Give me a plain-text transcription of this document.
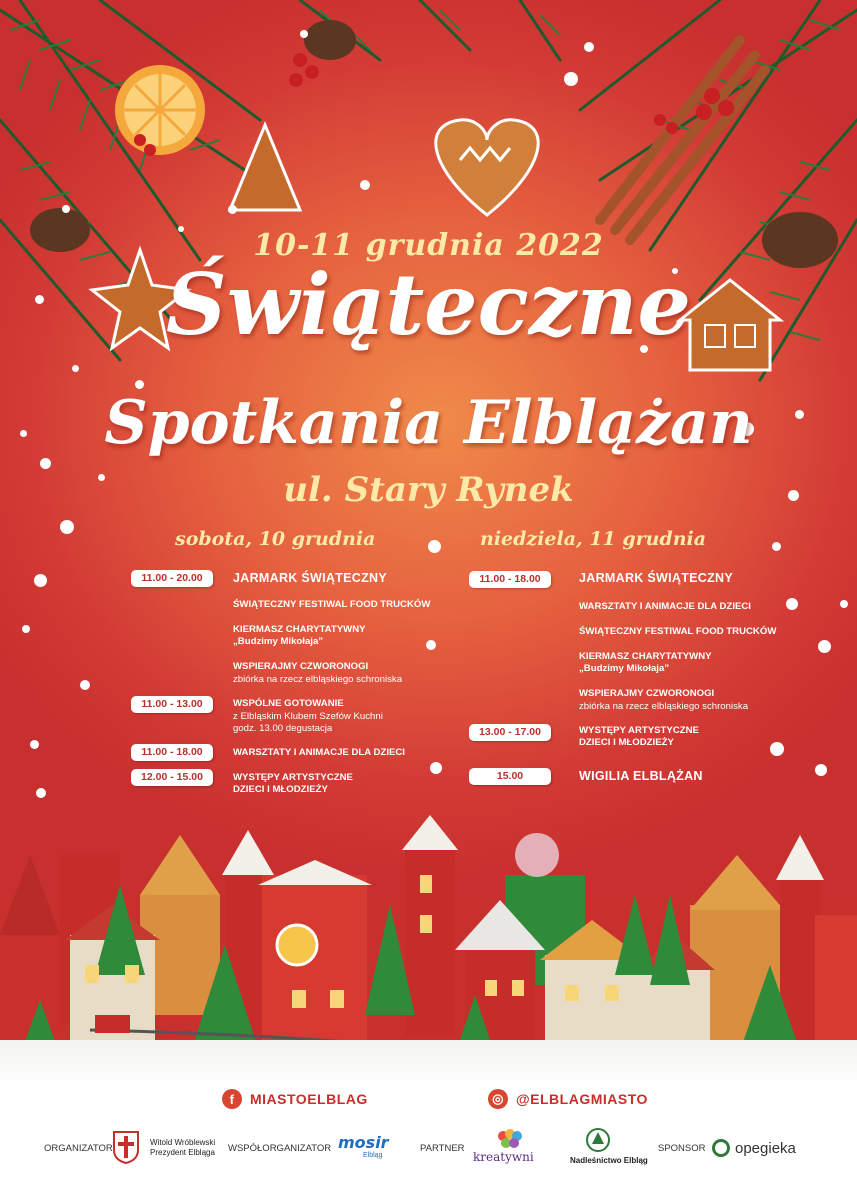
10-11 grudnia 2022
Świąteczne
Spotkania Elblążan
ul. Stary Rynek
sobota, 10 grudnia
11.00 - 20.00	JARMARK ŚWIĄTECZNY
ŚWIĄTECZNY FESTIWAL FOOD TRUCKÓW
KIERMASZ CHARYTATYWNY
„Budzimy Mikołaja”
WSPIERAJMY CZWORONOGI
zbiórka na rzecz elbląskiego schroniska
11.00 - 13.00	WSPÓLNE GOTOWANIE
z Elbląskim Klubem Szefów Kuchni
godz. 13.00 degustacja
11.00 - 18.00	WARSZTATY I ANIMACJE DLA DZIECI
12.00 - 15.00	WYSTĘPY ARTYSTYCZNE
DZIECI I MŁODZIEŻY
niedziela, 11 grudnia
11.00 - 18.00	JARMARK ŚWIĄTECZNY
WARSZTATY I ANIMACJE DLA DZIECI
ŚWIĄTECZNY FESTIWAL FOOD TRUCKÓW
KIERMASZ CHARYTATYWNY
„Budzimy Mikołaja”
WSPIERAJMY CZWORONOGI
zbiórka na rzecz elbląskiego schroniska
13.00 - 17.00	WYSTĘPY ARTYSTYCZNE
DZIECI I MŁODZIEŻY
15.00	WIGILIA ELBLĄŻAN
f	MIASTOELBLAG	◎ @ELBLAGMIASTO
ORGANIZATOR
Witold Wróblewski
Prezydent Elbląga WSPÓŁORGANIZATOR mosir
Elbląg
PARTNER
kreatywni	Nadleśnictwo Elbląg
SPONSOR opegieka
